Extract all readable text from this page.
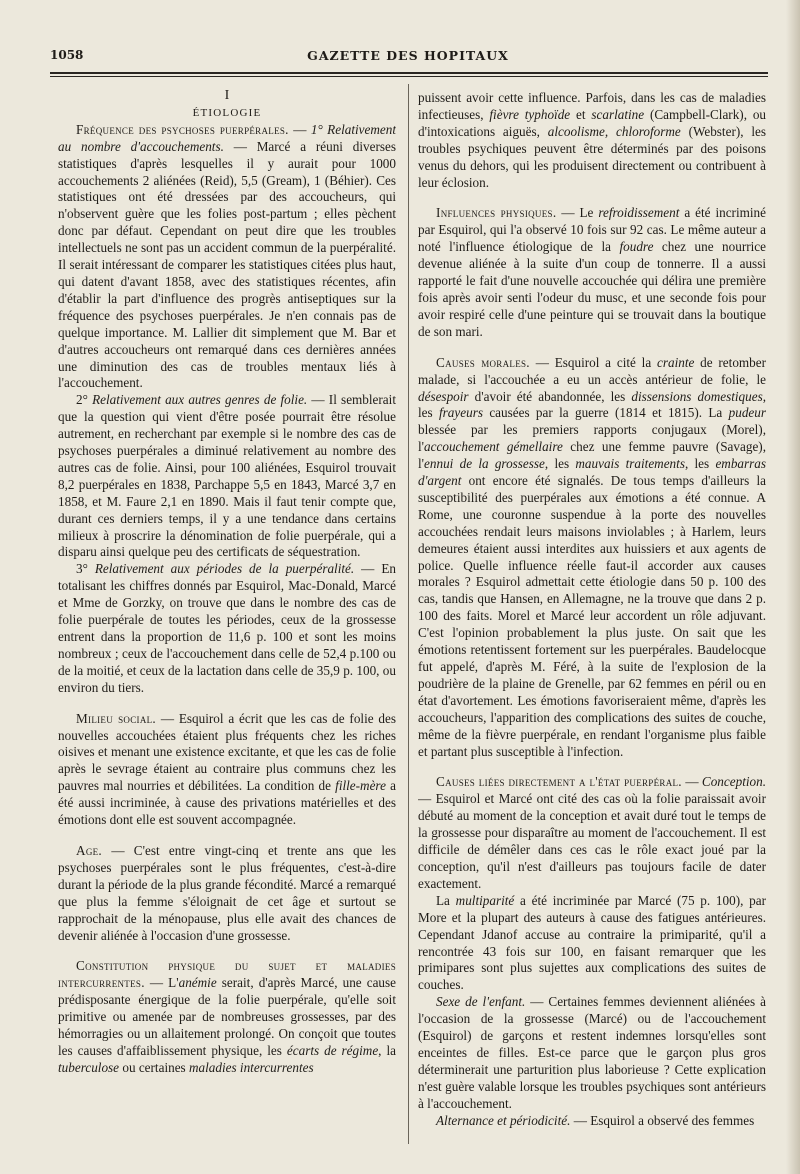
1058	GAZETTE DES HOPITAUX

I

ÉTIOLOGIE

Fréquence des psychoses puerpérales. — 1° Relativement au nombre d'accouchements. — Marcé a réuni diverses statistiques d'après lesquelles il y aurait pour 1000 accouchements 2 aliénées (Reid), 5,5 (Gream), 1 (Béhier). Ces statistiques ont été dressées par des accoucheurs, qui n'observent guère que les folies post-partum ; elles pèchent donc par défaut. Cependant on peut dire que les troubles intellectuels ne sont pas un accident commun de la puerpéralité. Il serait intéressant de comparer les statistiques citées plus haut, qui datent d'avant 1858, avec des statistiques récentes, afin d'établir la part d'influence des progrès antiseptiques sur la fréquence des psychoses puerpérales. Je n'en connais pas de quelque importance. M. Lallier dit simplement que M. Bar et d'autres accoucheurs ont remarqué dans ces dernières années une diminution des cas de troubles mentaux liés à l'accouchement.

2° Relativement aux autres genres de folie. — Il semblerait que la question qui vient d'être posée pourrait être résolue autrement, en recherchant par exemple si le nombre des cas de psychoses puerpérales a diminué relativement au nombre des autres cas de folie. Ainsi, pour 100 aliénées, Esquirol trouvait 8,2 puerpérales en 1838, Parchappe 5,5 en 1843, Marcé 3,7 en 1858, et M. Faure 2,1 en 1890. Mais il faut tenir compte que, durant ces derniers temps, il y a une tendance dans certains milieux à proscrire la dénomination de folie puerpérale, qui a disparu ainsi quelque peu des certificats de séquestration.

3° Relativement aux périodes de la puerpéralité. — En totalisant les chiffres donnés par Esquirol, Mac-Donald, Marcé et Mme de Gorzky, on trouve que dans le nombre des cas de folie puerpérale de toutes les périodes, ceux de la grossesse entrent dans la proportion de 11,6 p. 100 et sont les moins nombreux ; ceux de l'accouchement dans celle de 52,4 p.100 ou de la moitié, et ceux de la lactation dans celle de 35,9 p. 100, ou environ du tiers.

Milieu social. — Esquirol a écrit que les cas de folie des nouvelles accouchées étaient plus fréquents chez les riches oisives et menant une existence excitante, et que les cas de folie après le sevrage étaient au contraire plus communs chez les pauvres mal nourries et débilitées. La condition de fille-mère a été aussi incriminée, à cause des privations matérielles et des émotions dont elle est souvent accompagnée.

Age. — C'est entre vingt-cinq et trente ans que les psychoses puerpérales sont le plus fréquentes, c'est-à-dire durant la période de la plus grande fécondité. Marcé a remarqué que plus la femme s'éloignait de cet âge et surtout se rapprochait de la ménopause, plus elle avait des chances de devenir aliénée à l'occasion d'une grossesse.

Constitution physique du sujet et maladies intercurrentes. — L'anémie serait, d'après Marcé, une cause prédisposante énergique de la folie puerpérale, qu'elle soit primitive ou amenée par de nombreuses grossesses, par des hémorragies ou un allaitement prolongé. On conçoit que toutes les causes d'affaiblissement physique, les écarts de régime, la tuberculose ou certaines maladies intercurrentes

puissent avoir cette influence. Parfois, dans les cas de maladies infectieuses, fièvre typhoïde et scarlatine (Campbell-Clark), ou d'intoxications aiguës, alcoolisme, chloroforme (Webster), les troubles psychiques peuvent être déterminés par des poisons venus du dehors, qui les produisent directement ou contribuent à leur éclosion.

Influences physiques. — Le refroidissement a été incriminé par Esquirol, qui l'a observé 10 fois sur 92 cas. Le même auteur a noté l'influence étiologique de la foudre chez une nourrice devenue aliénée à la suite d'un coup de tonnerre. Il a aussi rapporté le fait d'une nouvelle accouchée qui délira une première fois après avoir senti l'odeur du musc, et une seconde fois pour avoir respiré celle d'une peinture qui se trouvait dans la boutique de son mari.

Causes morales. — Esquirol a cité la crainte de retomber malade, si l'accouchée a eu un accès antérieur de folie, le désespoir d'avoir été abandonnée, les dissensions domestiques, les frayeurs causées par la guerre (1814 et 1815). La pudeur blessée par les premiers rapports conjugaux (Morel), l'accouchement gémellaire chez une femme pauvre (Savage), l'ennui de la grossesse, les mauvais traitements, les embarras d'argent ont encore été signalés. De tous temps d'ailleurs la susceptibilité des puerpérales aux émotions a été connue. A Rome, une couronne suspendue à la porte des nouvelles accouchées rendait leurs maisons inviolables ; à Harlem, leurs demeures étaient aussi interdites aux huissiers et aux agents de police. Quelle influence réelle faut-il accorder aux causes morales ? Esquirol admettait cette étiologie dans 50 p. 100 des cas, tandis que Hansen, en Allemagne, ne la trouve que dans 2 p. 100 des faits. Morel et Marcé leur accordent un rôle adjuvant. C'est l'opinion probablement la plus juste. On sait que les émotions retentissent fortement sur les puerpérales. Baudelocque fut appelé, d'après M. Féré, à la suite de l'explosion de la poudrière de la plaine de Grenelle, par 62 femmes en péril ou en état d'avortement. Les émotions favoriseraient même, d'après les accoucheurs, l'apparition des complications des suites de couche, même de la fièvre puerpérale, en rendant l'organisme plus faible et partant plus susceptible à l'infection.

Causes liées directement a l'état puerpéral. — Conception. — Esquirol et Marcé ont cité des cas où la folie paraissait avoir débuté au moment de la conception et avait duré tout le temps de la grossesse pour disparaître au moment de l'accouchement. Il est difficile de démêler dans ces cas le rôle exact joué par la conception, qu'il n'est d'ailleurs pas toujours facile de dater exactement.

La multiparité a été incriminée par Marcé (75 p. 100), par More et la plupart des auteurs à cause des fatigues antérieures. Cependant Jdanof accuse au contraire la primiparité, qu'il a rencontrée 43 fois sur 100, en faisant remarquer que les primipares sont plus sujettes aux complications des suites de couches.

Sexe de l'enfant. — Certaines femmes deviennent aliénées à l'occasion de la grossesse (Marcé) ou de l'accouchement (Esquirol) de garçons et restent indemnes lorsqu'elles sont enceintes de filles. Est-ce parce que le garçon plus gros déterminerait une parturition plus laborieuse ? Cette explication n'est guère valable lorsque les troubles psychiques sont antérieurs à l'accouchement.

Alternance et périodicité. — Esquirol a observé des femmes
